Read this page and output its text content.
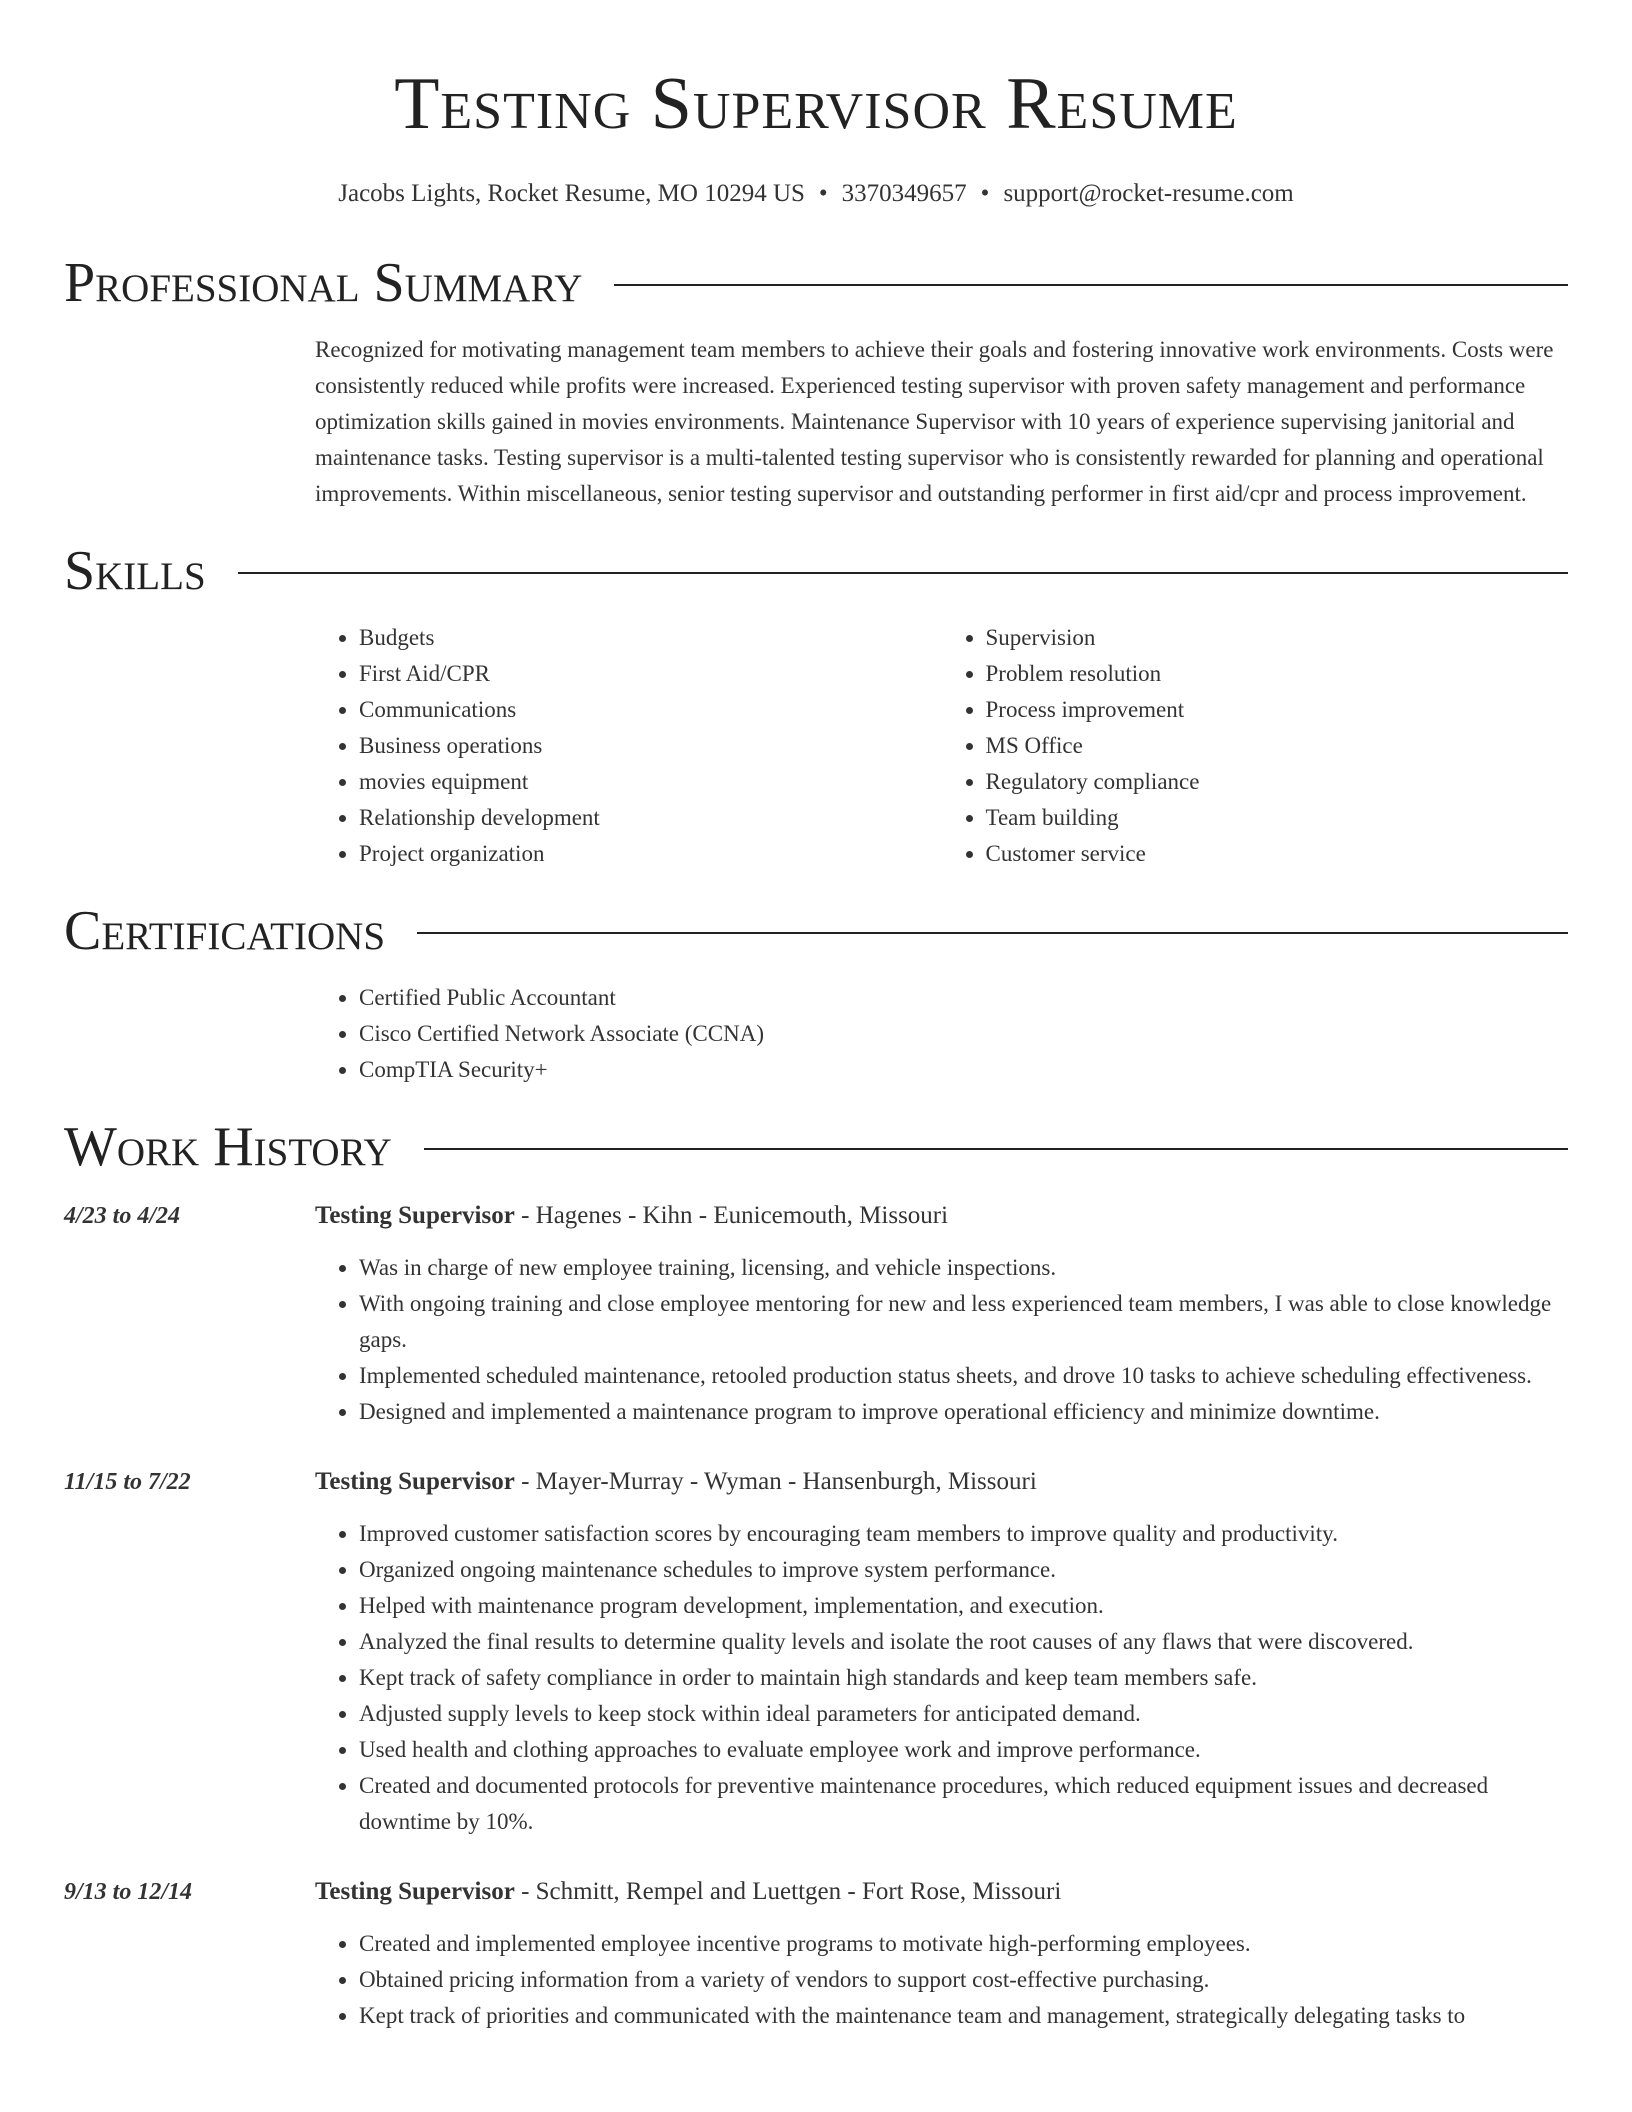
Testing Supervisor Resume
Jacobs Lights, Rocket Resume, MO 10294 US • 3370349657 • support@rocket-resume.com
Professional Summary

Recognized for motivating management team members to achieve their goals and fostering innovative work environments. Costs were consistently reduced while profits were increased. Experienced testing supervisor with proven safety management and performance optimization skills gained in movies environments. Maintenance Supervisor with 10 years of experience supervising janitorial and maintenance tasks. Testing supervisor is a multi-talented testing supervisor who is consistently rewarded for planning and operational improvements. Within miscellaneous, senior testing supervisor and outstanding performer in first aid/cpr and process improvement.

Skills
• Budgets
• First Aid/CPR
• Communications
• Business operations
• movies equipment
• Relationship development
• Project organization
• Supervision
• Problem resolution
• Process improvement
• MS Office
• Regulatory compliance
• Team building
• Customer service
Certifications
• Certified Public Accountant
• Cisco Certified Network Associate (CCNA)
• CompTIA Security+
Work History
4/23 to 4/24	Testing Supervisor - Hagenes - Kihn - Eunicemouth, Missouri
• Was in charge of new employee training, licensing, and vehicle inspections.
• With ongoing training and close employee mentoring for new and less experienced team members, I was able to close knowledge gaps.
• Implemented scheduled maintenance, retooled production status sheets, and drove 10 tasks to achieve scheduling effectiveness.
• Designed and implemented a maintenance program to improve operational efficiency and minimize downtime.
11/15 to 7/22	Testing Supervisor - Mayer-Murray - Wyman - Hansenburgh, Missouri
• Improved customer satisfaction scores by encouraging team members to improve quality and productivity.
• Organized ongoing maintenance schedules to improve system performance.
• Helped with maintenance program development, implementation, and execution.
• Analyzed the final results to determine quality levels and isolate the root causes of any flaws that were discovered.
• Kept track of safety compliance in order to maintain high standards and keep team members safe.
• Adjusted supply levels to keep stock within ideal parameters for anticipated demand.
• Used health and clothing approaches to evaluate employee work and improve performance.
• Created and documented protocols for preventive maintenance procedures, which reduced equipment issues and decreased downtime by 10%.
9/13 to 12/14	Testing Supervisor - Schmitt, Rempel and Luettgen - Fort Rose, Missouri
• Created and implemented employee incentive programs to motivate high-performing employees.
• Obtained pricing information from a variety of vendors to support cost-effective purchasing.
• Kept track of priorities and communicated with the maintenance team and management, strategically delegating tasks to
